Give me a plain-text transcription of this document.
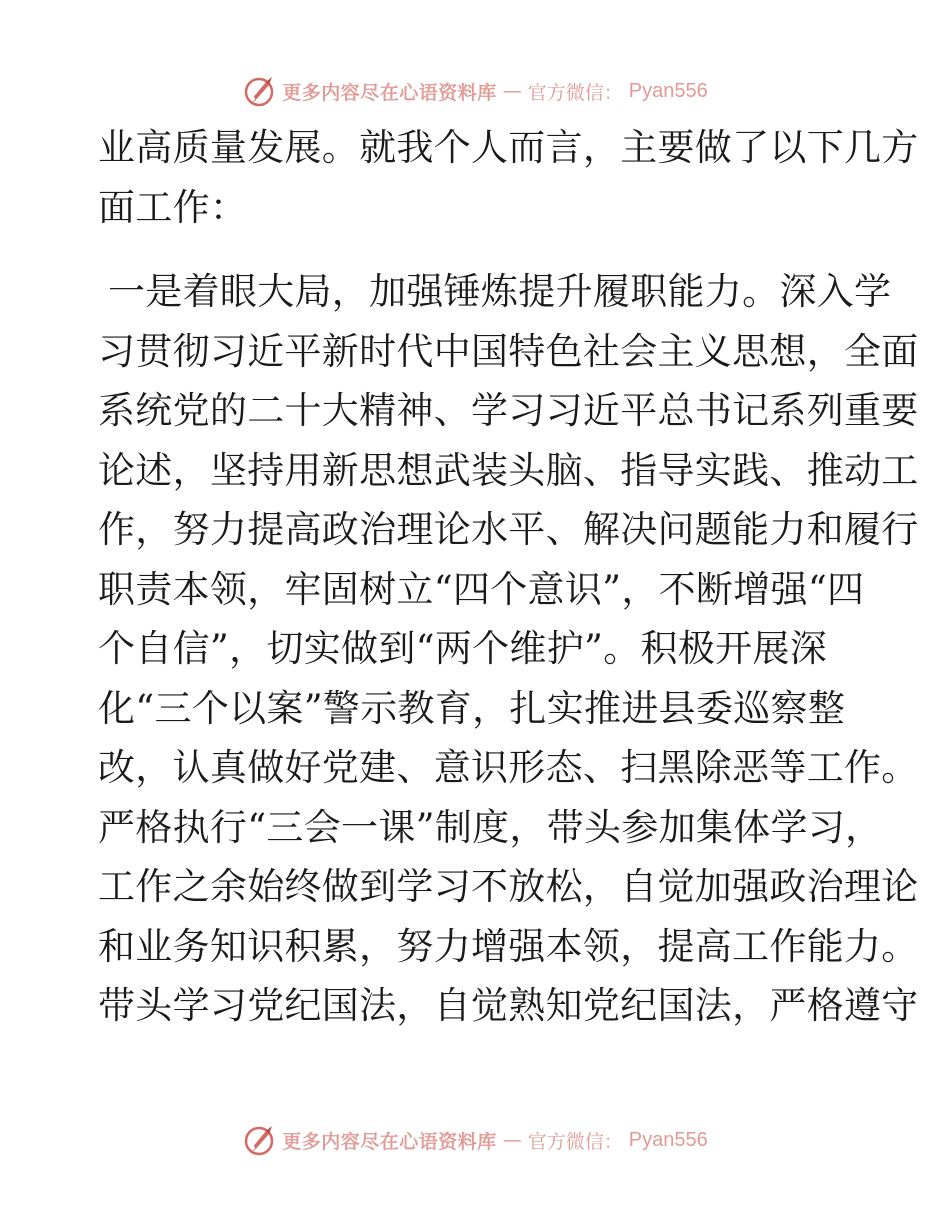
更多内容尽在心语资料库 — 官方微信： Pyan556
业高质量发展。就我个人而言，主要做了以下几方
面工作：
一是着眼大局，加强锤炼提升履职能力。深入学
习贯彻习近平新时代中国特色社会主义思想，全面
系统党的二十大精神、学习习近平总书记系列重要
论述，坚持用新思想武装头脑、指导实践、推动工
作，努力提高政治理论水平、解决问题能力和履行
职责本领，牢固树立“四个意识”，不断增强“四
个自信”，切实做到“两个维护”。积极开展深
化“三个以案”警示教育，扎实推进县委巡察整
改，认真做好党建、意识形态、扫黑除恶等工作。
严格执行“三会一课”制度，带头参加集体学习，
工作之余始终做到学习不放松，自觉加强政治理论
和业务知识积累，努力增强本领，提高工作能力。
带头学习党纪国法，自觉熟知党纪国法，严格遵守
更多内容尽在心语资料库 — 官方微信： Pyan556
